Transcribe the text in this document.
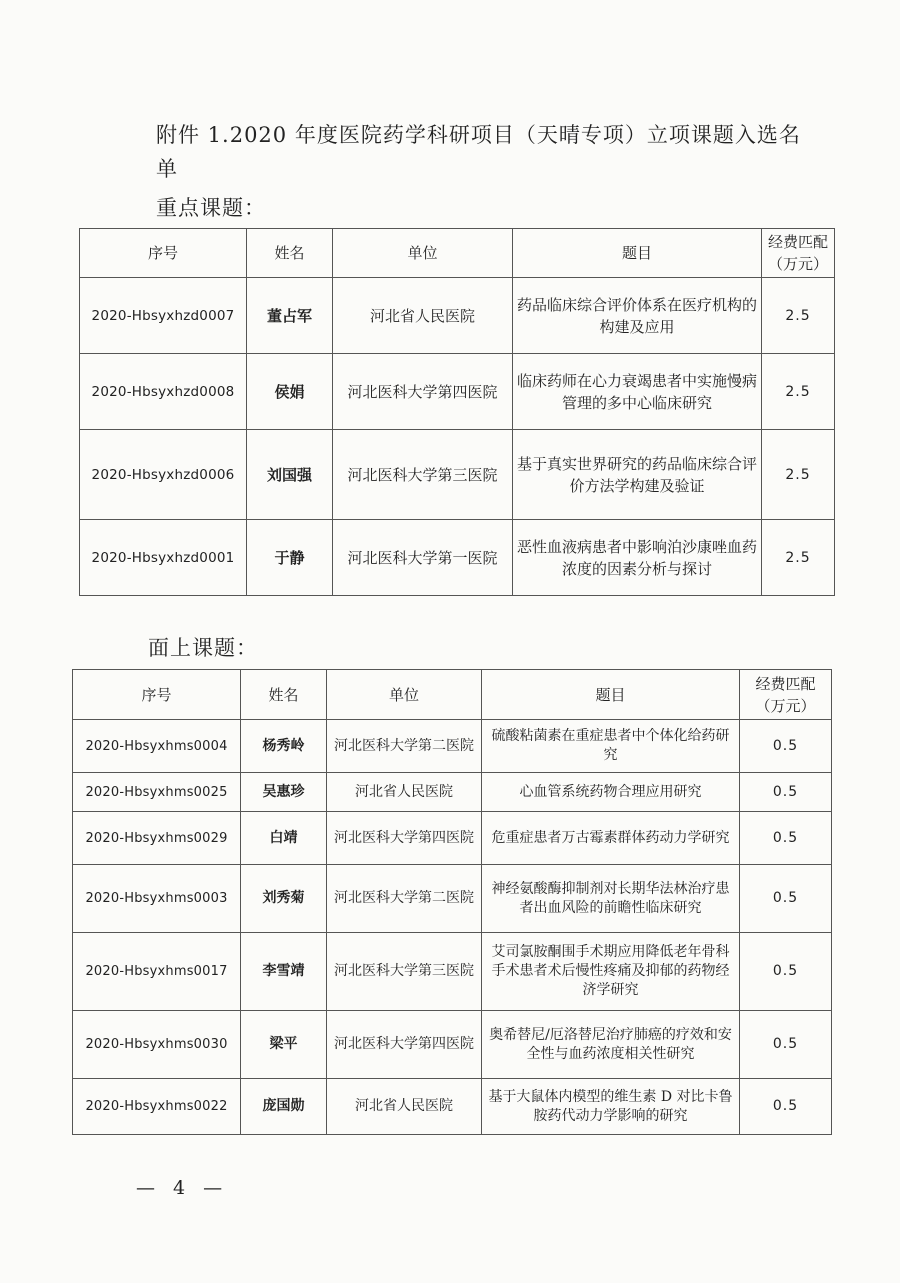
附件 1.2020 年度医院药学科研项目（天晴专项）立项课题入选名单
重点课题：
序号	姓名	单位	题目	经费匹配（万元）
2020-Hbsyxhzd0007	董占军	河北省人民医院	药品临床综合评价体系在医疗机构的构建及应用	2.5
2020-Hbsyxhzd0008	侯娟	河北医科大学第四医院	临床药师在心力衰竭患者中实施慢病管理的多中心临床研究	2.5
2020-Hbsyxhzd0006	刘国强	河北医科大学第三医院	基于真实世界研究的药品临床综合评价方法学构建及验证	2.5
2020-Hbsyxhzd0001	于静	河北医科大学第一医院	恶性血液病患者中影响泊沙康唑血药浓度的因素分析与探讨	2.5
面上课题：
序号	姓名	单位	题目	经费匹配（万元）
2020-Hbsyxhms0004	杨秀岭	河北医科大学第二医院	硫酸粘菌素在重症患者中个体化给药研究	0.5
2020-Hbsyxhms0025	吴惠珍	河北省人民医院	心血管系统药物合理应用研究	0.5
2020-Hbsyxhms0029	白靖	河北医科大学第四医院	危重症患者万古霉素群体药动力学研究	0.5
2020-Hbsyxhms0003	刘秀菊	河北医科大学第二医院	神经氨酸酶抑制剂对长期华法林治疗患者出血风险的前瞻性临床研究	0.5
2020-Hbsyxhms0017	李雪靖	河北医科大学第三医院	艾司氯胺酮围手术期应用降低老年骨科手术患者术后慢性疼痛及抑郁的药物经济学研究	0.5
2020-Hbsyxhms0030	梁平	河北医科大学第四医院	奥希替尼/厄洛替尼治疗肺癌的疗效和安全性与血药浓度相关性研究	0.5
2020-Hbsyxhms0022	庞国勋	河北省人民医院	基于大鼠体内模型的维生素 D 对比卡鲁胺药代动力学影响的研究	0.5

— 4 —
